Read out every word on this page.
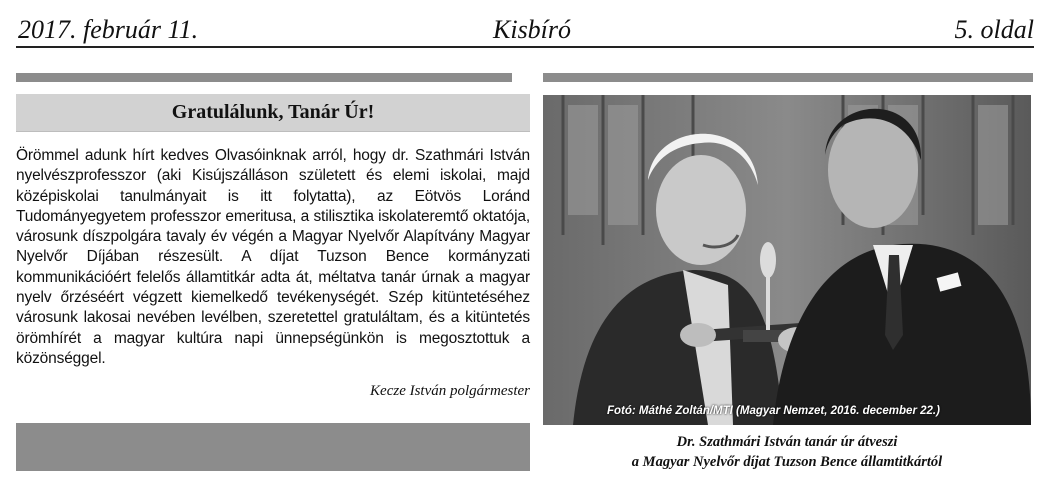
2017. február 11.	Kisbíró	5. oldal
Gratulálunk, Tanár Úr!
Örömmel adunk hírt kedves Olvasóinknak arról, hogy dr. Szathmári István nyelvészprofesszor (aki Kisújszálláson született és elemi iskolai, majd középiskolai tanulmányait is itt folytatta), az Eötvös Loránd Tudományegyetem professzor emeritusa, a stilisztika iskolateremtő oktatója, városunk díszpolgára tavaly év végén a Magyar Nyelvőr Alapítvány Magyar Nyelvőr Díjában részesült. A díjat Tuzson Bence kormányzati kommunikációért felelős államtitkár adta át, méltatva tanár úrnak a magyar nyelv őrzéséért végzett kiemelkedő tevékenységét. Szép kitüntetéséhez városunk lakosai nevében levélben, szeretettel gratuláltam, és a kitüntetés örömhírét a magyar kultúra napi ünnepségünkön is megosztottuk a közönséggel.
Kecze István polgármester
Fotó: Máthé Zoltán/MTI (Magyar Nemzet, 2016. december 22.)
Dr. Szathmári István tanár úr átveszi
a Magyar Nyelvőr díjat Tuzson Bence államtitkártól
